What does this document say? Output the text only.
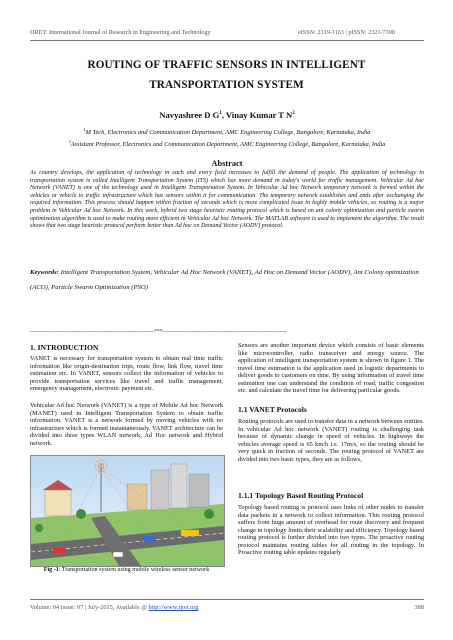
IJRET: International Journal of Research in Engineering and Technology	eISSN: 2319-1163 | pISSN: 2321-7308
ROUTING OF TRAFFIC SENSORS IN INTELLIGENT
TRANSPORTATION SYSTEM
Navyashree D $G^1$, Vinay Kumar T $N^2$
$^1$M Tech, Electronics and Communication Department, AMC Engineering College, Bangalore, Karnataka, India
$^2$Assistant Professor, Electronics and Communication Department, AMC Engineering College, Bangalore, Karnataka, India
Abstract
As country develops, the application of technology in each and every field increases to fulfill the demand of people. The application of technology in transportation system is called Intelligent Transportation System (ITS) which has more demand in today's world for traffic management. Vehicular Ad hoc Network (VANET) is one of the technology used in Intelligent Transportation System. In Vehicular Ad hoc Network temporary network is formed within the vehicles or vehicle to traffic infrastructure which has sensors within it for communication. The temporary network establishes and ends after exchanging the required information. This process should happen within fraction of seconds which is more complicated issue in highly mobile vehicles, so routing is a major problem in Vehicular Ad hoc Network. In this work, hybrid two stage heuristic routing protocol which is based on ant colony optimization and particle swarm optimization algorithm is used to make routing more efficient in Vehicular Ad hoc Network. The MATLAB software is used to implement the algorithm. The result shows that two stage heuristic protocol perform better than Ad hoc on Demand Vector (AODV) protocol.
Keywords: Intelligent Transportation System, Vehicular Ad Hoc Network (VANET), Ad Hoc on Demand Vector (AODV), Ant Colony optimization (ACO), Particle Swarm Optimization (PSO)
---------------------------------------------------------------------***---------------------------------------------------------------------
1. INTRODUCTION
VANET is necessary for transportation system to obtain real time traffic information like origin-destination trips, route flow, link flow, travel time estimation etc. In VANET, sensors collect the information of vehicles to provide transportation services like travel and traffic management, emergency management, electronic payment etc.
Vehicular Ad hoc Network (VANET) is a type of Mobile Ad hoc Network (MANET) used in Intelligent Transportation System to obtain traffic information. VANET is a network formed by moving vehicles with no infrastructure which is formed instantaneously. VANET architecture can be divided into three types WLAN network, Ad Hoc network and Hybrid network.
Fig -1: Transportation system using mobile wireless sensor network
Sensors are another important device which consists of basic elements like microcontroller, radio transceiver and energy source. The application of intelligent transportation system is shown in figure 1. The travel time estimation is the application used in logistic departments to deliver goods to customers on time. By using information of travel time estimation one can understand the condition of road, traffic congestion etc. and calculate the travel time for delivering particular goods.
1.1 VANET Protocols
Routing protocols are used to transfer data in a network between entities. In vehicular Ad hoc network (VANET) routing is challenging task because of dynamic change in speed of vehicles. In highways the vehicles average speed is 65 km/h i.e. 17m/s, so the routing should be very quick in fraction of seconds. The routing protocol of VANET are divided into two basic types, they are as follows,
1.1.1 Topology Based Routing Protocol
Topology based routing is protocol uses links of other nodes to transfer data packets in a network to collect information. This routing protocol suffers from huge amount of overhead for route discovery and frequent change in topology limits their scalability and efficiency. Topology based routing protocol is further divided into two types. The proactive routing protocol maintains routing tables for all routing in the topology. In Proactive routing table updates regularly
Volume: 04 Issue: 07 | July-2015, Available @ http://www.ijret.org	388
